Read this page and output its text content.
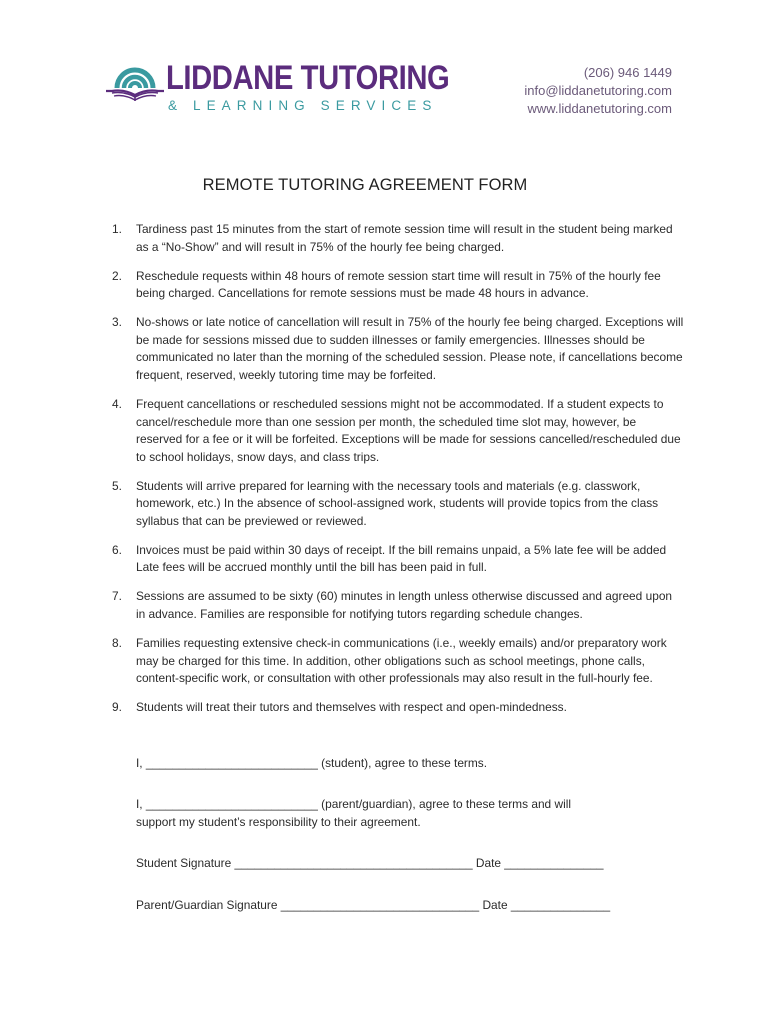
LIDDANE TUTORING
& LEARNING SERVICES
(206) 946 1449
info@liddanetutoring.com
www.liddanetutoring.com
REMOTE TUTORING AGREEMENT FORM
1. Tardiness past 15 minutes from the start of remote session time will result in the student being marked as a “No-Show” and will result in 75% of the hourly fee being charged.
2. Reschedule requests within 48 hours of remote session start time will result in 75% of the hourly fee being charged. Cancellations for remote sessions must be made 48 hours in advance.
3. No-shows or late notice of cancellation will result in 75% of the hourly fee being charged. Exceptions will be made for sessions missed due to sudden illnesses or family emergencies. Illnesses should be communicated no later than the morning of the scheduled session. Please note, if cancellations become frequent, reserved, weekly tutoring time may be forfeited.
4. Frequent cancellations or rescheduled sessions might not be accommodated. If a student expects to cancel/reschedule more than one session per month, the scheduled time slot may, however, be reserved for a fee or it will be forfeited. Exceptions will be made for sessions cancelled/rescheduled due to school holidays, snow days, and class trips.
5. Students will arrive prepared for learning with the necessary tools and materials (e.g. classwork, homework, etc.) In the absence of school-assigned work, students will provide topics from the class syllabus that can be previewed or reviewed.
6. Invoices must be paid within 30 days of receipt. If the bill remains unpaid, a 5% late fee will be added Late fees will be accrued monthly until the bill has been paid in full.
7. Sessions are assumed to be sixty (60) minutes in length unless otherwise discussed and agreed upon in advance. Families are responsible for notifying tutors regarding schedule changes.
8. Families requesting extensive check-in communications (i.e., weekly emails) and/or preparatory work may be charged for this time. In addition, other obligations such as school meetings, phone calls, content-specific work, or consultation with other professionals may also result in the full-hourly fee.
9. Students will treat their tutors and themselves with respect and open-mindedness.
I, __________________________ (student), agree to these terms.
I, __________________________ (parent/guardian), agree to these terms and will
support my student’s responsibility to their agreement.
Student Signature ____________________________________ Date _______________
Parent/Guardian Signature ______________________________ Date _______________
